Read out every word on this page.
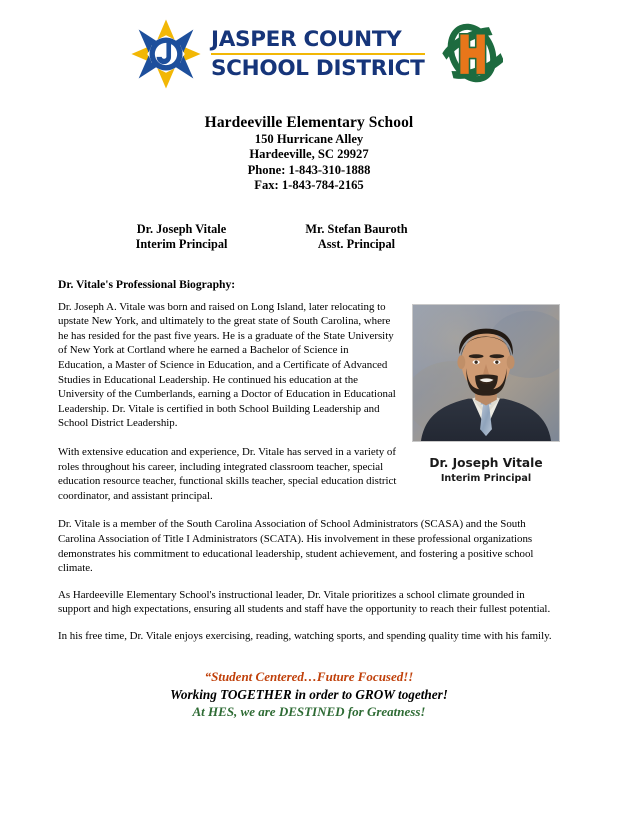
JASPER COUNTY
SCHOOL DISTRICT
Hardeeville Elementary School
150 Hurricane Alley
Hardeeville, SC 29927
Phone: 1-843-310-1888
Fax: 1-843-784-2165
Dr. Joseph Vitale
Interim Principal
Mr. Stefan Bauroth
Asst. Principal
Dr. Vitale's Professional Biography:
Dr. Joseph Vitale
Interim Principal

Dr. Joseph A. Vitale was born and raised on Long Island, later relocating to upstate New York, and ultimately to the great state of South Carolina, where he has resided for the past five years. He is a graduate of the State University of New York at Cortland where he earned a Bachelor of Science in Education, a Master of Science in Education, and a Certificate of Advanced Studies in Educational Leadership. He continued his education at the University of the Cumberlands, earning a Doctor of Education in Educational Leadership. Dr. Vitale is certified in both School Building Leadership and School District Leadership.

With extensive education and experience, Dr. Vitale has served in a variety of roles throughout his career, including integrated classroom teacher, special education resource teacher, functional skills teacher, special education district coordinator, and assistant principal.

Dr. Vitale is a member of the South Carolina Association of School Administrators (SCASA) and the South Carolina Association of Title I Administrators (SCATA). His involvement in these professional organizations demonstrates his commitment to educational leadership, student achievement, and fostering a positive school climate.

As Hardeeville Elementary School's instructional leader, Dr. Vitale prioritizes a school climate grounded in support and high expectations, ensuring all students and staff have the opportunity to reach their fullest potential.

In his free time, Dr. Vitale enjoys exercising, reading, watching sports, and spending quality time with his family.

“Student Centered…Future Focused!!
Working TOGETHER in order to GROW together!
At HES, we are DESTINED for Greatness!
